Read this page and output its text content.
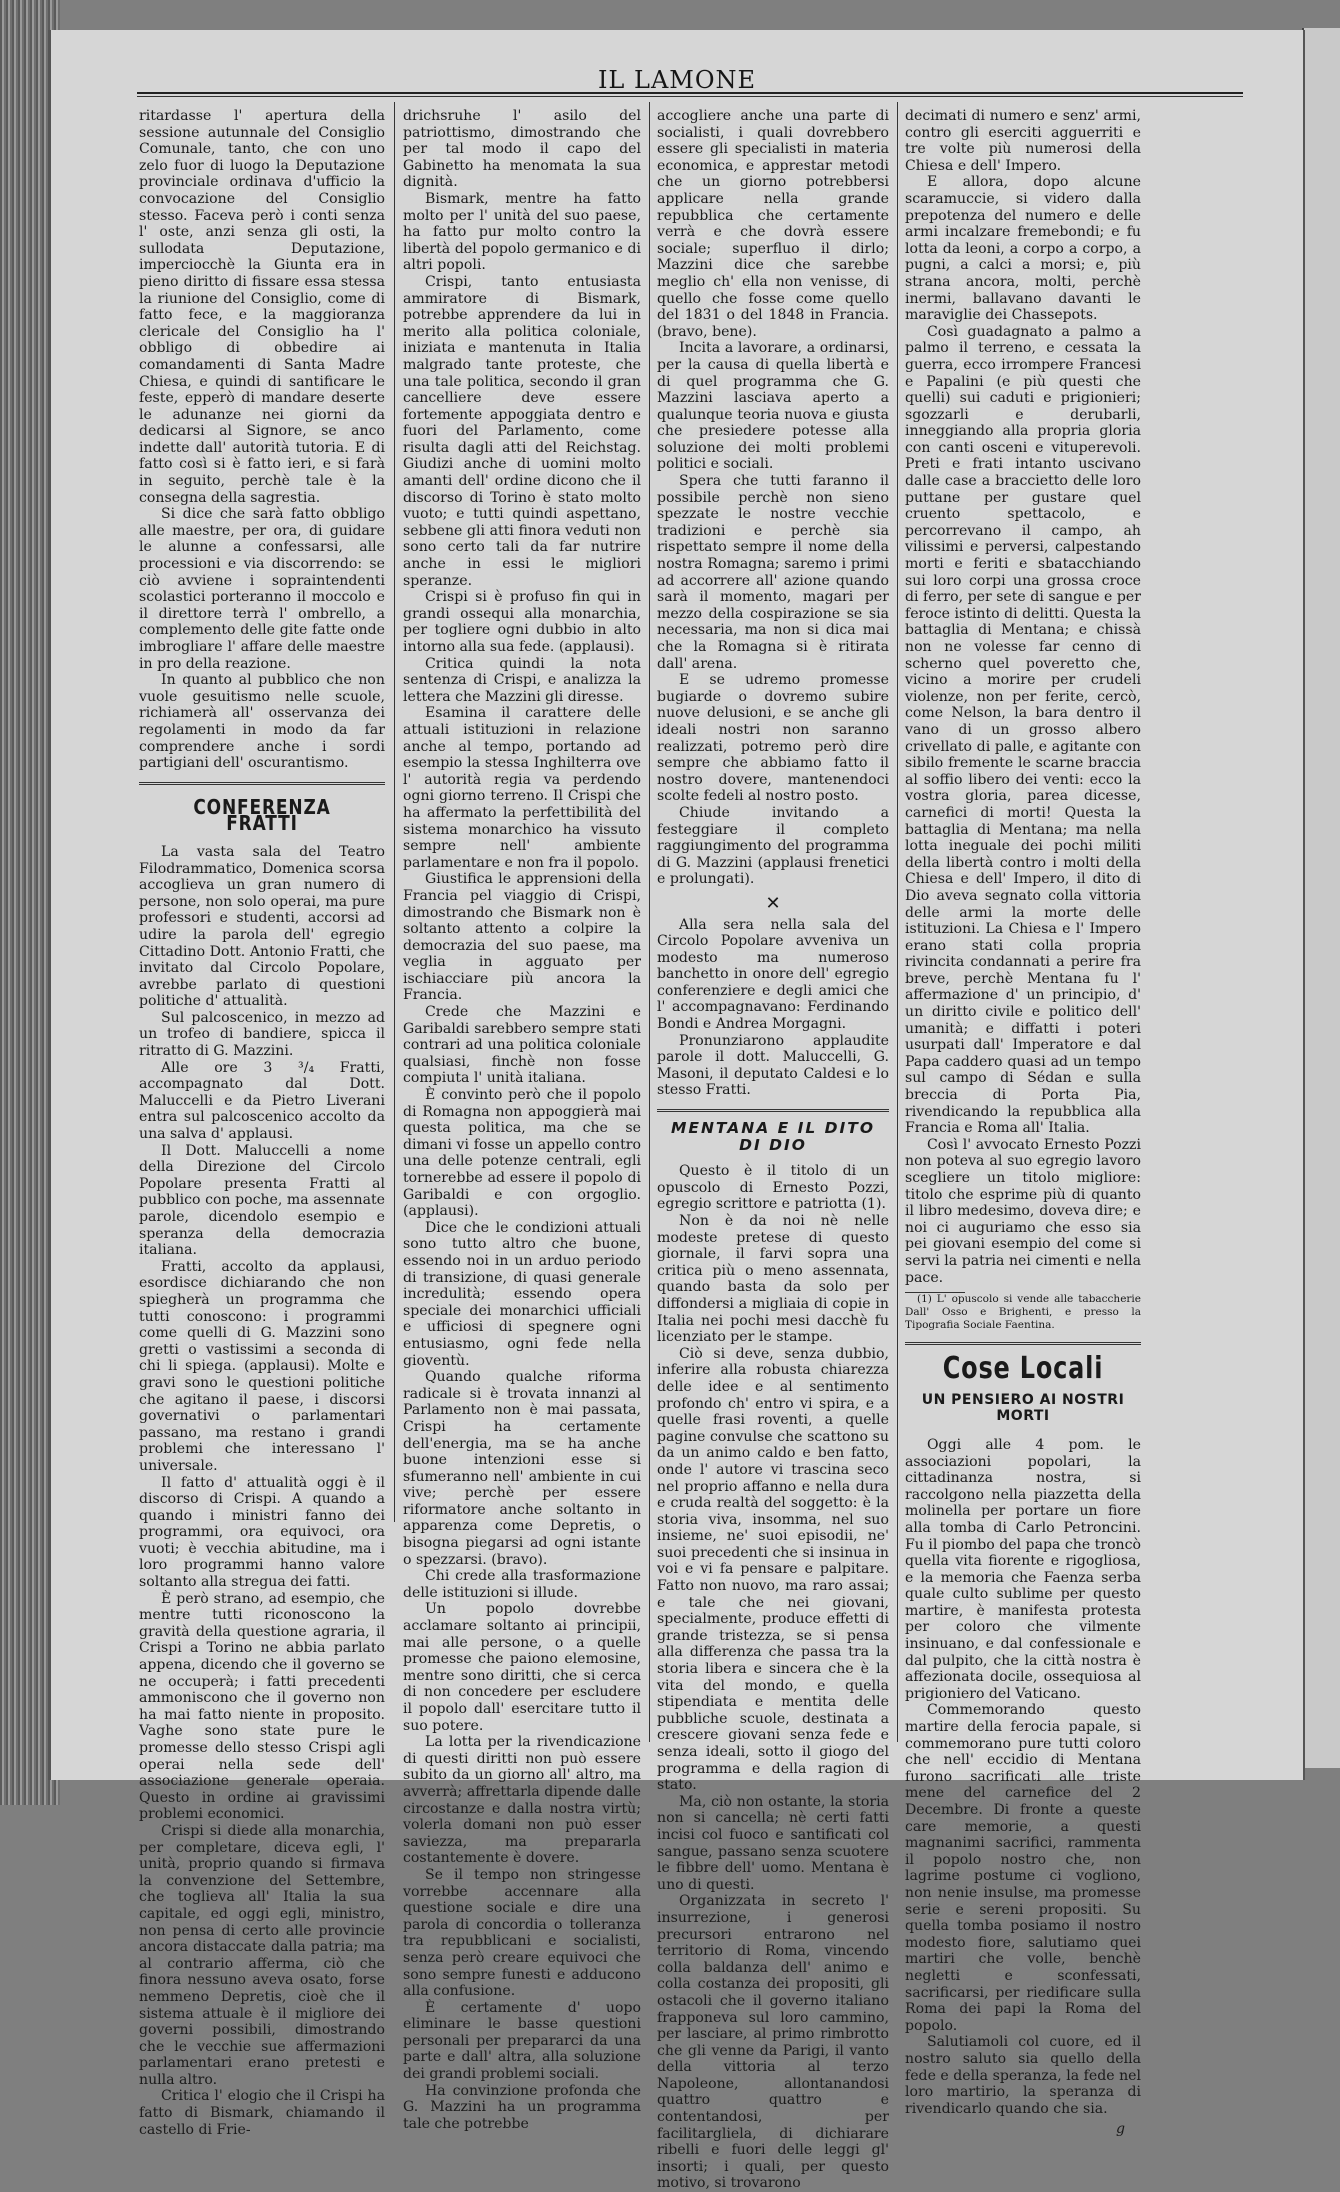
IL LAMONE

ritardasse l' apertura della sessione autunnale del Consiglio Comunale, tanto, che con uno zelo fuor di luogo la Deputazione provinciale ordinava d'ufficio la convocazione del Consiglio stesso. Faceva però i conti senza l' oste, anzi senza gli osti, la sullodata Deputazione, imperciocchè la Giunta era in pieno diritto di fissare essa stessa la riunione del Consiglio, come di fatto fece, e la maggioranza clericale del Consiglio ha l' obbligo di obbedire ai comandamenti di Santa Madre Chiesa, e quindi di santificare le feste, epperò di mandare deserte le adunanze nei giorni da dedicarsi al Signore, se anco indette dall' autorità tutoria. E di fatto così si è fatto ieri, e si farà in seguito, perchè tale è la consegna della sagrestia.

Si dice che sarà fatto obbligo alle maestre, per ora, di guidare le alunne a confessarsi, alle processioni e via discorrendo: se ciò avviene i sopraintendenti scolastici porteranno il moccolo e il direttore terrà l' ombrello, a complemento delle gite fatte onde imbrogliare l' affare delle maestre in pro della reazione.

In quanto al pubblico che non vuole gesuitismo nelle scuole, richiamerà all' osservanza dei regolamenti in modo da far comprendere anche i sordi partigiani dell' oscurantismo.

CONFERENZA FRATTI

La vasta sala del Teatro Filodrammatico, Domenica scorsa accoglieva un gran numero di persone, non solo operai, ma pure professori e studenti, accorsi ad udire la parola dell' egregio Cittadino Dott. Antonio Fratti, che invitato dal Circolo Popolare, avrebbe parlato di questioni politiche d' attualità.

Sul palcoscenico, in mezzo ad un trofeo di bandiere, spicca il ritratto di G. Mazzini.

Alle ore 3 ³/₄ Fratti, accompagnato dal Dott. Maluccelli e da Pietro Liverani entra sul palcoscenico accolto da una salva d' applausi.

Il Dott. Maluccelli a nome della Direzione del Circolo Popolare presenta Fratti al pubblico con poche, ma assennate parole, dicendolo esempio e speranza della democrazia italiana.

Fratti, accolto da applausi, esordisce dichiarando che non spiegherà un programma che tutti conoscono: i programmi come quelli di G. Mazzini sono gretti o vastissimi a seconda di chi li spiega. (applausi). Molte e gravi sono le questioni politiche che agitano il paese, i discorsi governativi o parlamentari passano, ma restano i grandi problemi che interessano l' universale.

Il fatto d' attualità oggi è il discorso di Crispi. A quando a quando i ministri fanno dei programmi, ora equivoci, ora vuoti; è vecchia abitudine, ma i loro programmi hanno valore soltanto alla stregua dei fatti.

È però strano, ad esempio, che mentre tutti riconoscono la gravità della questione agraria, il Crispi a Torino ne abbia parlato appena, dicendo che il governo se ne occuperà; i fatti precedenti ammoniscono che il governo non ha mai fatto niente in proposito. Vaghe sono state pure le promesse dello stesso Crispi agli operai nella sede dell' associazione generale operaia. Questo in ordine ai gravissimi problemi economici.

Crispi si diede alla monarchia, per completare, diceva egli, l' unità, proprio quando si firmava la convenzione del Settembre, che toglieva all' Italia la sua capitale, ed oggi egli, ministro, non pensa di certo alle provincie ancora distaccate dalla patria; ma al contrario afferma, ciò che finora nessuno aveva osato, forse nemmeno Depretis, cioè che il sistema attuale è il migliore dei governi possibili, dimostrando che le vecchie sue affermazioni parlamentari erano pretesti e nulla altro.

Critica l' elogio che il Crispi ha fatto di Bismark, chiamando il castello di Frie-

drichsruhe l' asilo del patriottismo, dimostrando che per tal modo il capo del Gabinetto ha menomata la sua dignità.

Bismark, mentre ha fatto molto per l' unità del suo paese, ha fatto pur molto contro la libertà del popolo germanico e di altri popoli.

Crispi, tanto entusiasta ammiratore di Bismark, potrebbe apprendere da lui in merito alla politica coloniale, iniziata e mantenuta in Italia malgrado tante proteste, che una tale politica, secondo il gran cancelliere deve essere fortemente appoggiata dentro e fuori del Parlamento, come risulta dagli atti del Reichstag. Giudizi anche di uomini molto amanti dell' ordine dicono che il discorso di Torino è stato molto vuoto; e tutti quindi aspettano, sebbene gli atti finora veduti non sono certo tali da far nutrire anche in essi le migliori speranze.

Crispi si è profuso fin qui in grandi ossequi alla monarchia, per togliere ogni dubbio in alto intorno alla sua fede. (applausi).

Critica quindi la nota sentenza di Crispi, e analizza la lettera che Mazzini gli diresse.

Esamina il carattere delle attuali istituzioni in relazione anche al tempo, portando ad esempio la stessa Inghilterra ove l' autorità regia va perdendo ogni giorno terreno. Il Crispi che ha affermato la perfettibilità del sistema monarchico ha vissuto sempre nell' ambiente parlamentare e non fra il popolo.

Giustifica le apprensioni della Francia pel viaggio di Crispi, dimostrando che Bismark non è soltanto attento a colpire la democrazia del suo paese, ma veglia in agguato per ischiacciare più ancora la Francia.

Crede che Mazzini e Garibaldi sarebbero sempre stati contrari ad una politica coloniale qualsiasi, finchè non fosse compiuta l' unità italiana.

È convinto però che il popolo di Romagna non appoggierà mai questa politica, ma che se dimani vi fosse un appello contro una delle potenze centrali, egli tornerebbe ad essere il popolo di Garibaldi e con orgoglio. (applausi).

Dice che le condizioni attuali sono tutto altro che buone, essendo noi in un arduo periodo di transizione, di quasi generale incredulità; essendo opera speciale dei monarchici ufficiali e ufficiosi di spegnere ogni entusiasmo, ogni fede nella gioventù.

Quando qualche riforma radicale si è trovata innanzi al Parlamento non è mai passata, Crispi ha certamente dell'energia, ma se ha anche buone intenzioni esse si sfumeranno nell' ambiente in cui vive; perchè per essere riformatore anche soltanto in apparenza come Depretis, o bisogna piegarsi ad ogni istante o spezzarsi. (bravo).

Chi crede alla trasformazione delle istituzioni si illude.

Un popolo dovrebbe acclamare soltanto ai principii, mai alle persone, o a quelle promesse che paiono elemosine, mentre sono diritti, che si cerca di non concedere per escludere il popolo dall' esercitare tutto il suo potere.

La lotta per la rivendicazione di questi diritti non può essere subito da un giorno all' altro, ma avverrà; affrettarla dipende dalle circostanze e dalla nostra virtù; volerla domani non può esser saviezza, ma prepararla costantemente è dovere.

Se il tempo non stringesse vorrebbe accennare alla questione sociale e dire una parola di concordia o tolleranza tra repubblicani e socialisti, senza però creare equivoci che sono sempre funesti e adducono alla confusione.

È certamente d' uopo eliminare le basse questioni personali per prepararci da una parte e dall' altra, alla soluzione dei grandi problemi sociali.

Ha convinzione profonda che G. Mazzini ha un programma tale che potrebbe

accogliere anche una parte di socialisti, i quali dovrebbero essere gli specialisti in materia economica, e apprestar metodi che un giorno potrebbersi applicare nella grande repubblica che certamente verrà e che dovrà essere sociale; superfluo il dirlo; Mazzini dice che sarebbe meglio ch' ella non venisse, di quello che fosse come quello del 1831 o del 1848 in Francia. (bravo, bene).

Incita a lavorare, a ordinarsi, per la causa di quella libertà e di quel programma che G. Mazzini lasciava aperto a qualunque teoria nuova e giusta che presiedere potesse alla soluzione dei molti problemi politici e sociali.

Spera che tutti faranno il possibile perchè non sieno spezzate le nostre vecchie tradizioni e perchè sia rispettato sempre il nome della nostra Romagna; saremo i primi ad accorrere all' azione quando sarà il momento, magari per mezzo della cospirazione se sia necessaria, ma non si dica mai che la Romagna si è ritirata dall' arena.

E se udremo promesse bugiarde o dovremo subire nuove delusioni, e se anche gli ideali nostri non saranno realizzati, potremo però dire sempre che abbiamo fatto il nostro dovere, mantenendoci scolte fedeli al nostro posto.

Chiude invitando a festeggiare il completo raggiungimento del programma di G. Mazzini (applausi frenetici e prolungati).

✕

Alla sera nella sala del Circolo Popolare avveniva un modesto ma numeroso banchetto in onore dell' egregio conferenziere e degli amici che l' accompagnavano: Ferdinando Bondi e Andrea Morgagni.

Pronunziarono applaudite parole il dott. Maluccelli, G. Masoni, il deputato Caldesi e lo stesso Fratti.

MENTANA E IL DITO DI DIO

Questo è il titolo di un opuscolo di Ernesto Pozzi, egregio scrittore e patriotta (1).

Non è da noi nè nelle modeste pretese di questo giornale, il farvi sopra una critica più o meno assennata, quando basta da solo per diffondersi a migliaia di copie in Italia nei pochi mesi dacchè fu licenziato per le stampe.

Ciò si deve, senza dubbio, inferire alla robusta chiarezza delle idee e al sentimento profondo ch' entro vi spira, e a quelle frasi roventi, a quelle pagine convulse che scattono su da un animo caldo e ben fatto, onde l' autore vi trascina seco nel proprio affanno e nella dura e cruda realtà del soggetto: è la storia viva, insomma, nel suo insieme, ne' suoi episodii, ne' suoi precedenti che si insinua in voi e vi fa pensare e palpitare. Fatto non nuovo, ma raro assai; e tale che nei giovani, specialmente, produce effetti di grande tristezza, se si pensa alla differenza che passa tra la storia libera e sincera che è la vita del mondo, e quella stipendiata e mentita delle pubbliche scuole, destinata a crescere giovani senza fede e senza ideali, sotto il giogo del programma e della ragion di stato.

Ma, ciò non ostante, la storia non si cancella; nè certi fatti incisi col fuoco e santificati col sangue, passano senza scuotere le fibbre dell' uomo. Mentana è uno di questi.

Organizzata in secreto l' insurrezione, i generosi precursori entrarono nel territorio di Roma, vincendo colla baldanza dell' animo e colla costanza dei propositi, gli ostacoli che il governo italiano frapponeva sul loro cammino, per lasciare, al primo rimbrotto che gli venne da Parigi, il vanto della vittoria al terzo Napoleone, allontanandosi quattro quattro e contentandosi, per facilitargliela, di dichiarare ribelli e fuori delle leggi gl' insorti; i quali, per questo motivo, si trovarono

decimati di numero e senz' armi, contro gli eserciti agguerriti e tre volte più numerosi della Chiesa e dell' Impero.

E allora, dopo alcune scaramuccie, si videro dalla prepotenza del numero e delle armi incalzare fremebondi; e fu lotta da leoni, a corpo a corpo, a pugni, a calci a morsi; e, più strana ancora, molti, perchè inermi, ballavano davanti le maraviglie dei Chassepots.

Così guadagnato a palmo a palmo il terreno, e cessata la guerra, ecco irrompere Francesi e Papalini (e più questi che quelli) sui caduti e prigionieri; sgozzarli e derubarli, inneggiando alla propria gloria con canti osceni e vituperevoli. Preti e frati intanto uscivano dalle case a braccietto delle loro puttane per gustare quel cruento spettacolo, e percorrevano il campo, ah vilissimi e perversi, calpestando morti e feriti e sbatacchiando sui loro corpi una grossa croce di ferro, per sete di sangue e per feroce istinto di delitti. Questa la battaglia di Mentana; e chissà non ne volesse far cenno di scherno quel poveretto che, vicino a morire per crudeli violenze, non per ferite, cercò, come Nelson, la bara dentro il vano di un grosso albero crivellato di palle, e agitante con sibilo fremente le scarne braccia al soffio libero dei venti: ecco la vostra gloria, parea dicesse, carnefici di morti! Questa la battaglia di Mentana; ma nella lotta ineguale dei pochi militi della libertà contro i molti della Chiesa e dell' Impero, il dito di Dio aveva segnato colla vittoria delle armi la morte delle istituzioni. La Chiesa e l' Impero erano stati colla propria rivincita condannati a perire fra breve, perchè Mentana fu l' affermazione d' un principio, d' un diritto civile e politico dell' umanità; e diffatti i poteri usurpati dall' Imperatore e dal Papa caddero quasi ad un tempo sul campo di Sédan e sulla breccia di Porta Pia, rivendicando la repubblica alla Francia e Roma all' Italia.

Così l' avvocato Ernesto Pozzi non poteva al suo egregio lavoro scegliere un titolo migliore: titolo che esprime più di quanto il libro medesimo, doveva dire; e noi ci auguriamo che esso sia pei giovani esempio del come si servi la patria nei cimenti e nella pace.

(1) L' opuscolo si vende alle tabaccherie Dall' Osso e Brighenti, e presso la Tipografia Sociale Faentina.

Cose Locali
UN PENSIERO AI NOSTRI MORTI

Oggi alle 4 pom. le associazioni popolari, la cittadinanza nostra, si raccolgono nella piazzetta della molinella per portare un fiore alla tomba di Carlo Petroncini. Fu il piombo del papa che troncò quella vita fiorente e rigogliosa, e la memoria che Faenza serba quale culto sublime per questo martire, è manifesta protesta per coloro che vilmente insinuano, e dal confessionale e dal pulpito, che la città nostra è affezionata docile, ossequiosa al prigioniero del Vaticano.

Commemorando questo martire della ferocia papale, si commemorano pure tutti coloro che nell' eccidio di Mentana furono sacrificati alle triste mene del carnefice del 2 Decembre. Di fronte a queste care memorie, a questi magnanimi sacrifici, rammenta il popolo nostro che, non lagrime postume ci vogliono, non nenie insulse, ma promesse serie e sereni propositi. Su quella tomba posiamo il nostro modesto fiore, salutiamo quei martiri che volle, benchè negletti e sconfessati, sacrificarsi, per riedificare sulla Roma dei papi la Roma del popolo.

Salutiamoli col cuore, ed il nostro saluto sia quello della fede e della speranza, la fede nel loro martirio, la speranza di rivendicarlo quando che sia.

g
